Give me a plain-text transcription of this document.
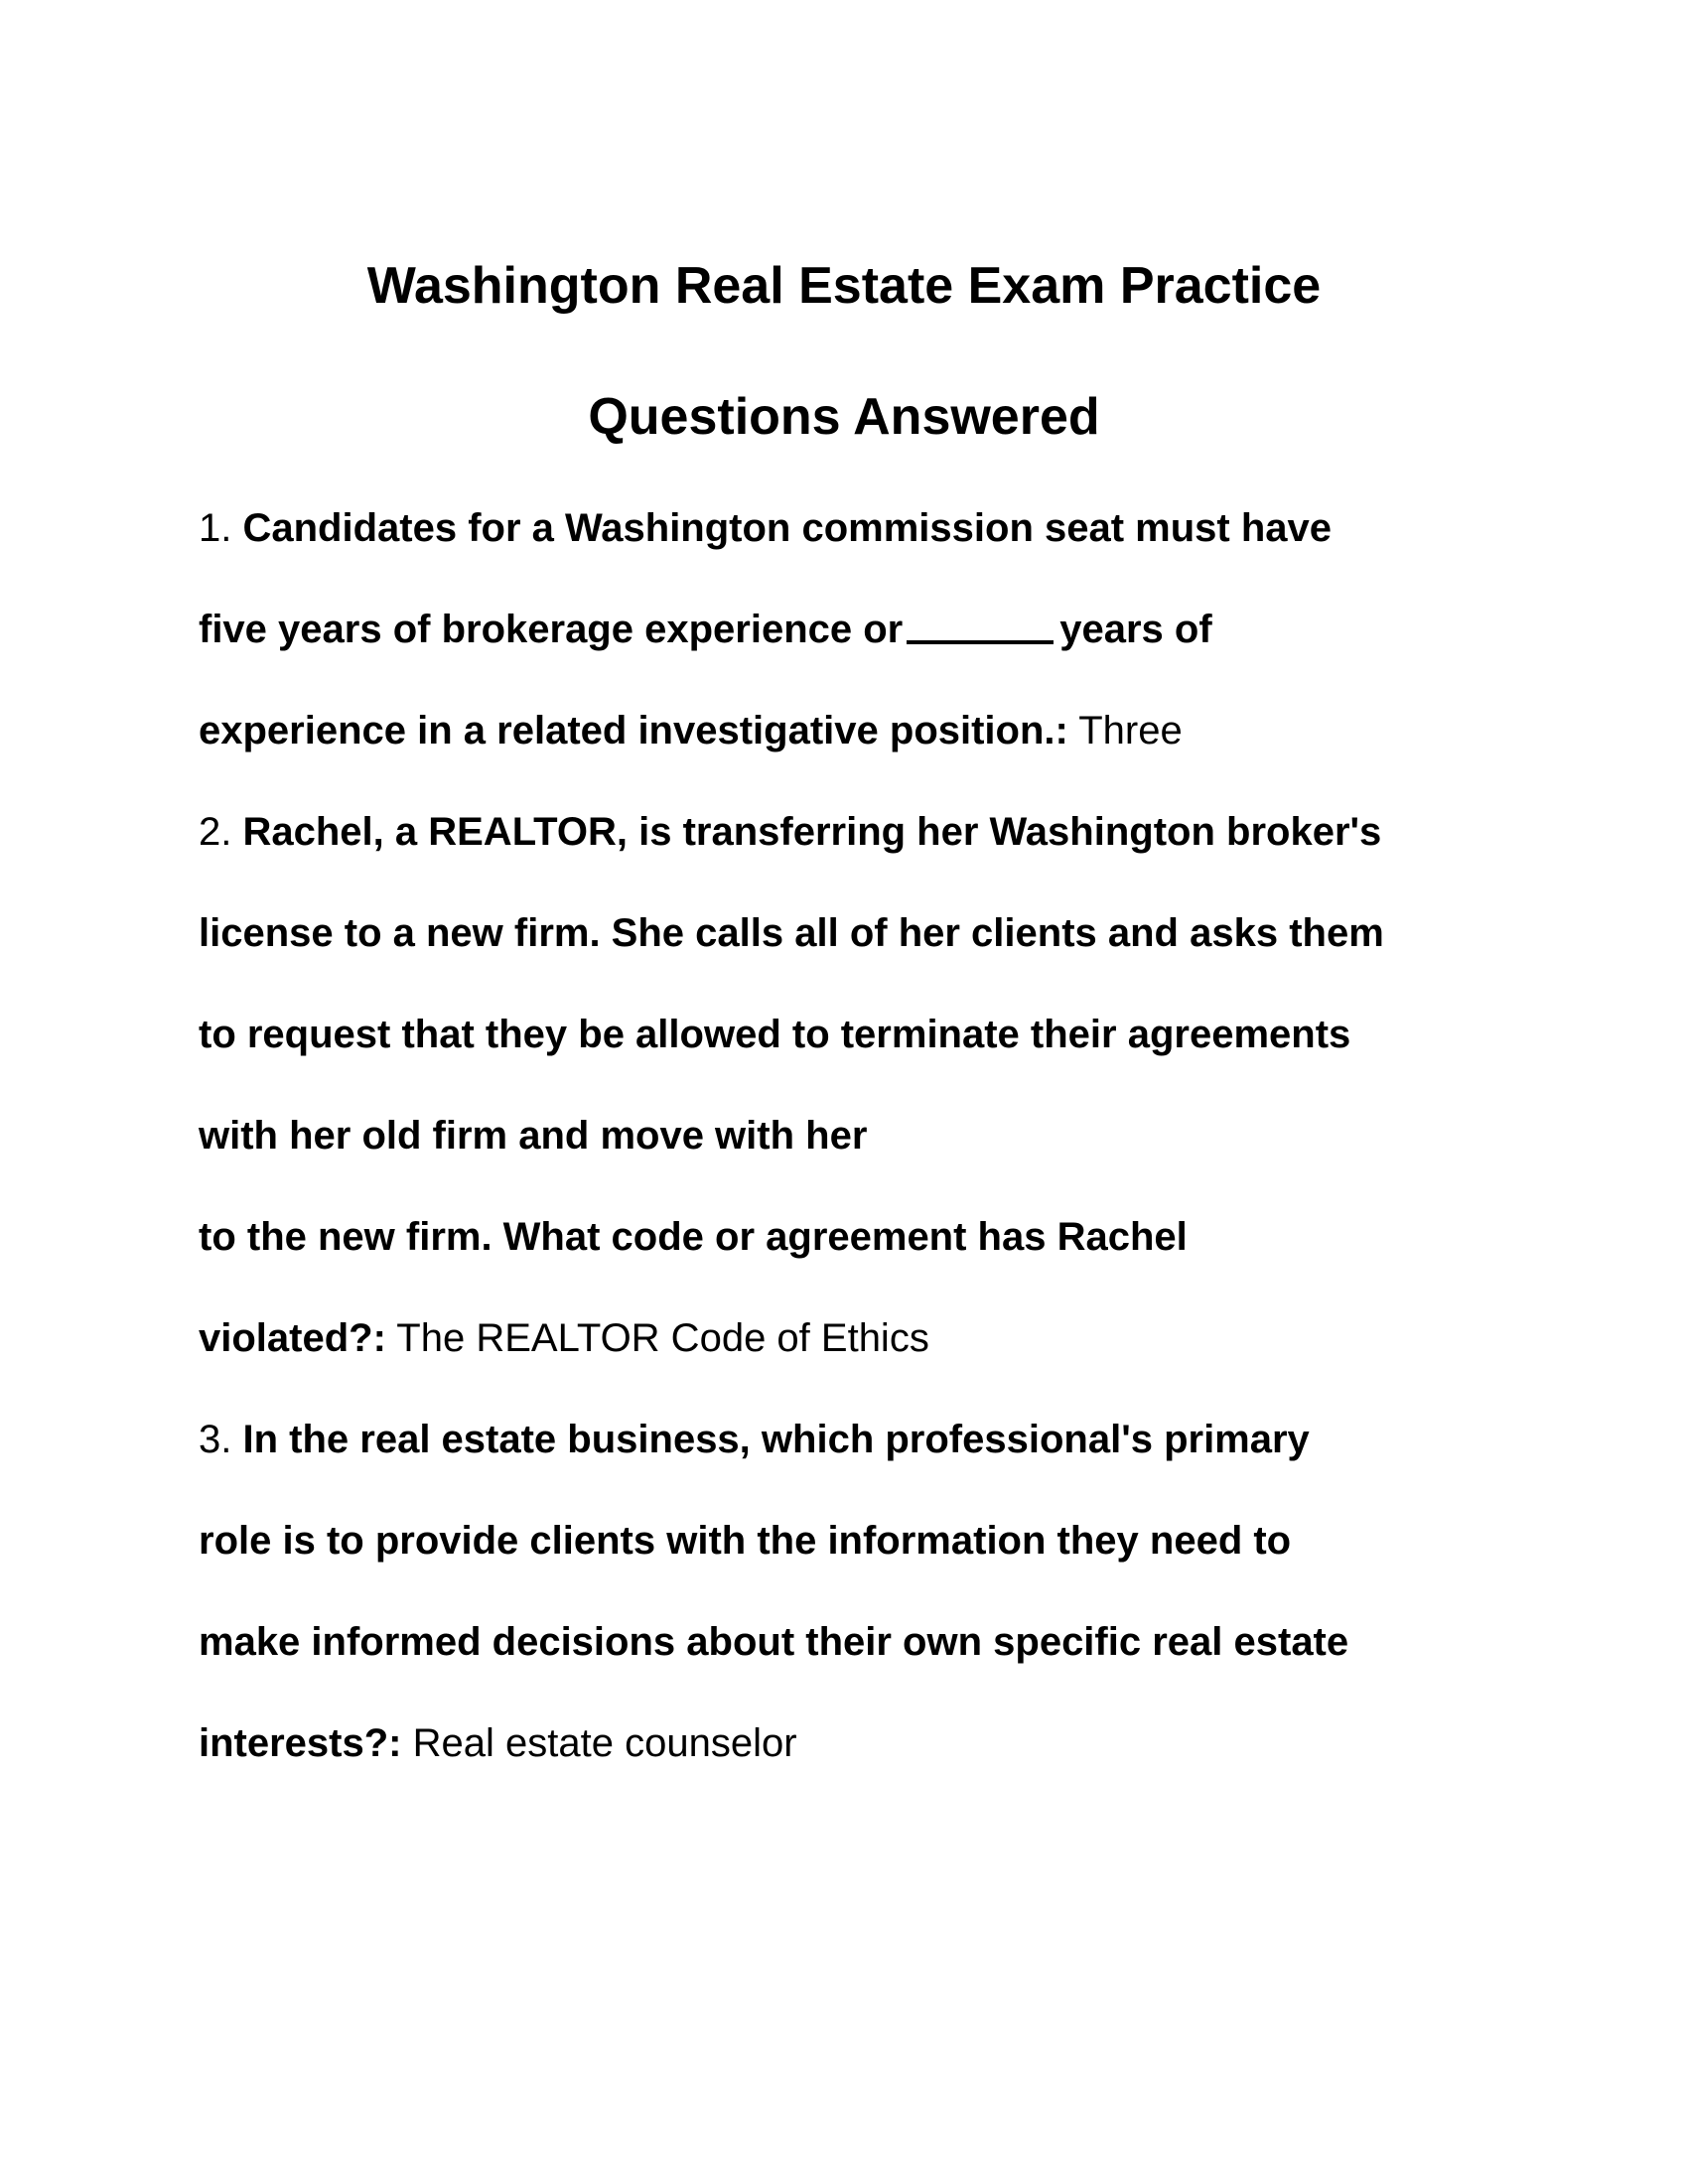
Washington Real Estate Exam Practice
Questions Answered
1. Candidates for a Washington commission seat must have
five years of brokerage experience or	years of
experience in a related investigative position.: Three
2. Rachel, a REALTOR, is transferring her Washington broker's
license to a new firm. She calls all of her clients and asks them
to request that they be allowed to terminate their agreements
with her old firm and move with her
to the new firm. What code or agreement has Rachel
violated?: The REALTOR Code of Ethics
3. In the real estate business, which professional's primary
role is to provide clients with the information they need to
make informed decisions about their own specific real estate
interests?: Real estate counselor
